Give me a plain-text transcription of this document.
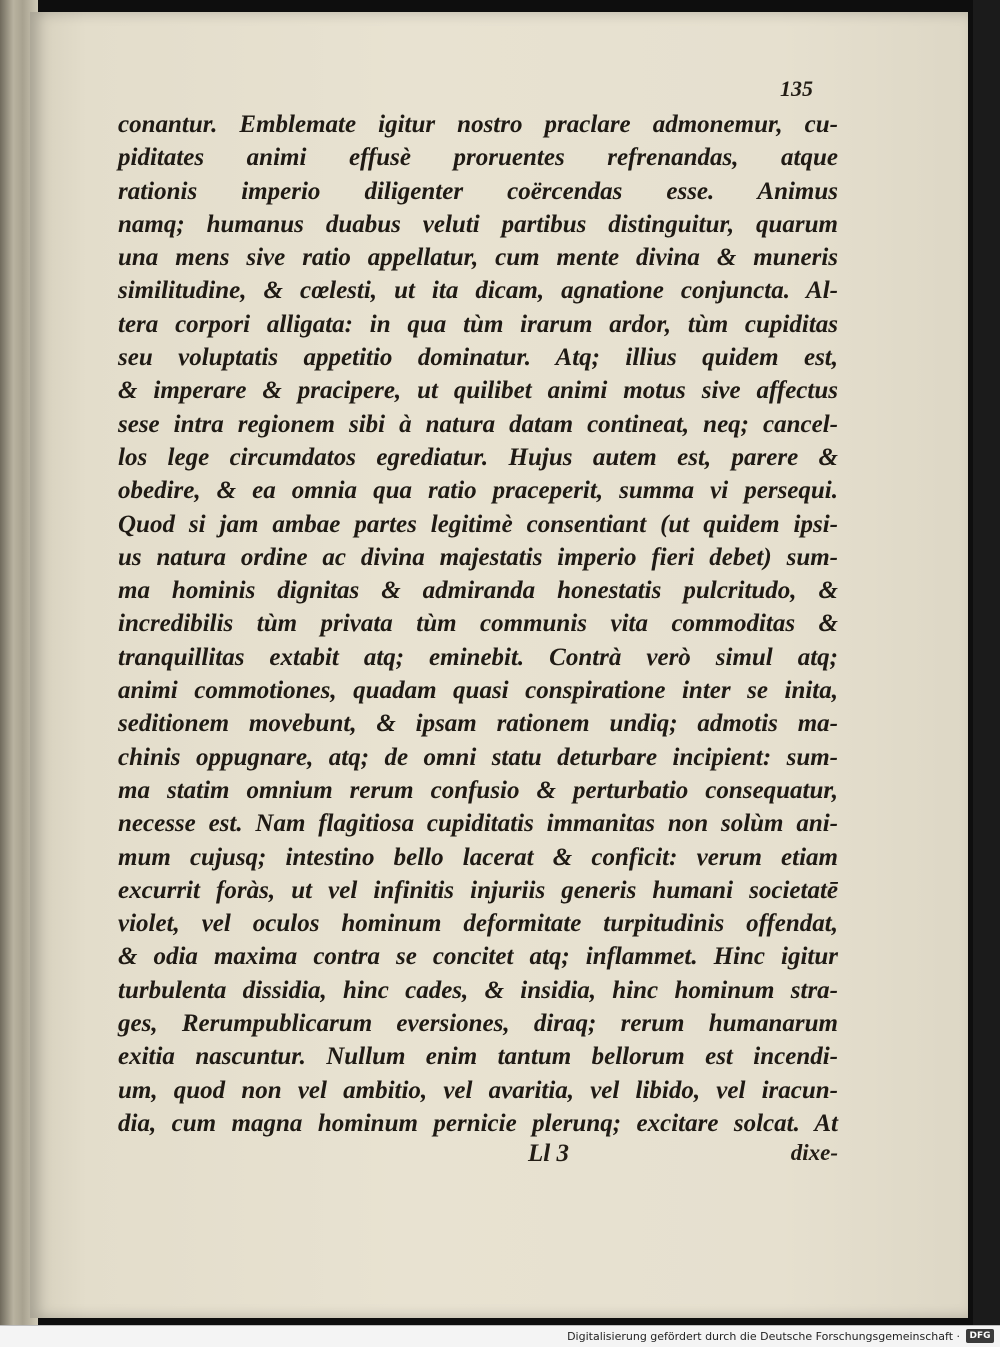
135
conantur. Emblemate igitur nostro praclare admonemur, cu-
piditates animi effusè proruentes refrenandas, atque
rationis imperio diligenter coërcendas esse. Animus
namq; humanus duabus veluti partibus distinguitur, quarum
una mens sive ratio appellatur, cum mente divina & muneris
similitudine, & cœlesti, ut ita dicam, agnatione conjuncta. Al-
tera corpori alligata: in qua tùm irarum ardor, tùm cupiditas
seu voluptatis appetitio dominatur. Atq; illius quidem est,
& imperare & pracipere, ut quilibet animi motus sive affectus
sese intra regionem sibi à natura datam contineat, neq; cancel-
los lege circumdatos egrediatur. Hujus autem est, parere &
obedire, & ea omnia qua ratio praceperit, summa vi persequi.
Quod si jam ambae partes legitimè consentiant (ut quidem ipsi-
us natura ordine ac divina majestatis imperio fieri debet) sum-
ma hominis dignitas & admiranda honestatis pulcritudo, &
incredibilis tùm privata tùm communis vita commoditas &
tranquillitas extabit atq; eminebit. Contrà verò simul atq;
animi commotiones, quadam quasi conspiratione inter se inita,
seditionem movebunt, & ipsam rationem undiq; admotis ma-
chinis oppugnare, atq; de omni statu deturbare incipient: sum-
ma statim omnium rerum confusio & perturbatio consequatur,
necesse est. Nam flagitiosa cupiditatis immanitas non solùm ani-
mum cujusq; intestino bello lacerat & conficit: verum etiam
excurrit foràs, ut vel infinitis injuriis generis humani societatē
violet, vel oculos hominum deformitate turpitudinis offendat,
& odia maxima contra se concitet atq; inflammet. Hinc igitur
turbulenta dissidia, hinc cades, & insidia, hinc hominum stra-
ges, Rerumpublicarum eversiones, diraq; rerum humanarum
exitia nascuntur. Nullum enim tantum bellorum est incendi-
um, quod non vel ambitio, vel avaritia, vel libido, vel iracun-
dia, cum magna hominum pernicie plerunq; excitare solcat. At
Ll 3	dixe-
Digitalisierung gefördert durch die Deutsche Forschungsgemeinschaft ·	DFG
